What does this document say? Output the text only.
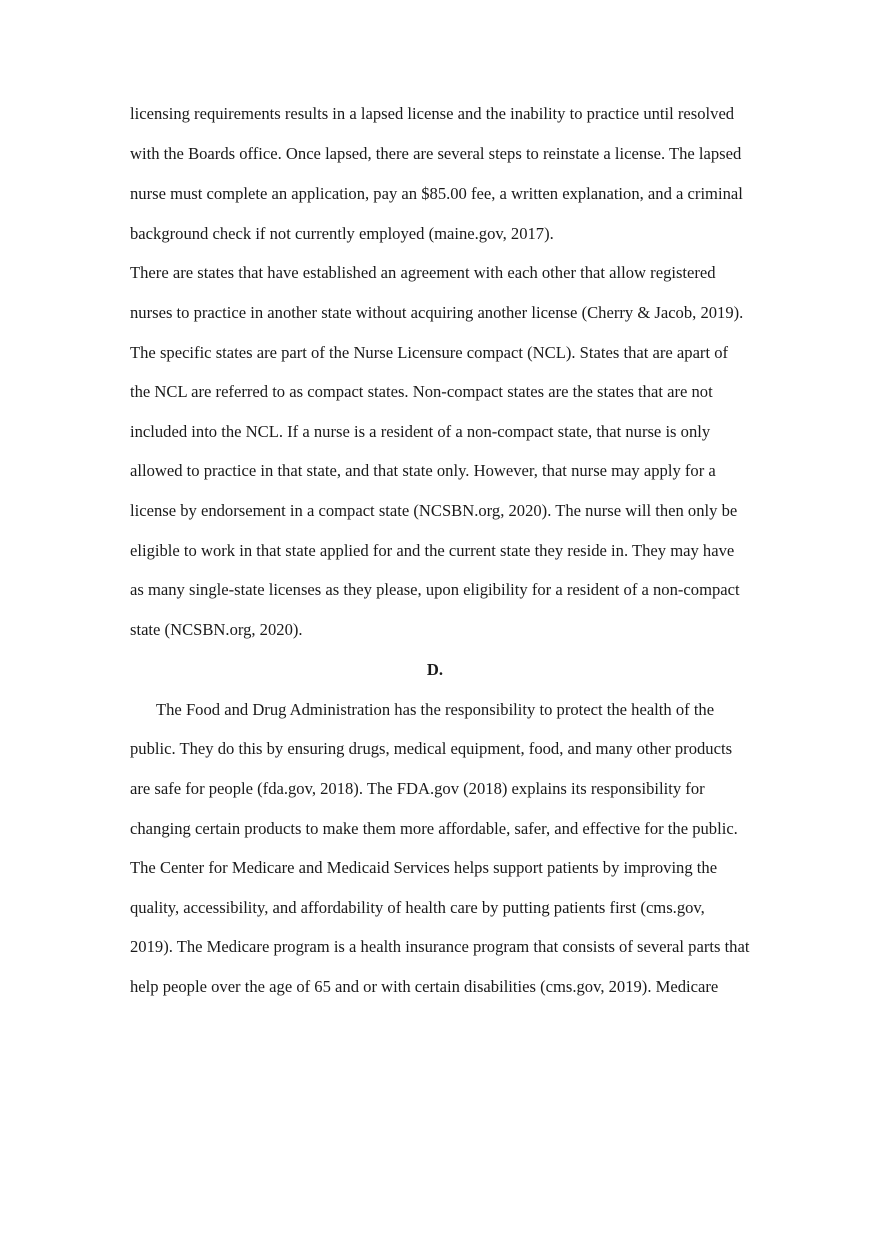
licensing requirements results in a lapsed license and the inability to practice until resolved
with the Boards office. Once lapsed, there are several steps to reinstate a license. The lapsed
nurse must complete an application, pay an $85.00 fee, a written explanation, and a criminal
background check if not currently employed (maine.gov, 2017).
There are states that have established an agreement with each other that allow registered
nurses to practice in another state without acquiring another license (Cherry & Jacob, 2019).
The specific states are part of the Nurse Licensure compact (NCL). States that are apart of
the NCL are referred to as compact states. Non-compact states are the states that are not
included into the NCL. If a nurse is a resident of a non-compact state, that nurse is only
allowed to practice in that state, and that state only. However, that nurse may apply for a
license by endorsement in a compact state (NCSBN.org, 2020). The nurse will then only be
eligible to work in that state applied for and the current state they reside in. They may have
as many single-state licenses as they please, upon eligibility for a resident of a non-compact
state (NCSBN.org, 2020).
D.
The Food and Drug Administration has the responsibility to protect the health of the
public. They do this by ensuring drugs, medical equipment, food, and many other products
are safe for people (fda.gov, 2018). The FDA.gov (2018) explains its responsibility for
changing certain products to make them more affordable, safer, and effective for the public.
The Center for Medicare and Medicaid Services helps support patients by improving the
quality, accessibility, and affordability of health care by putting patients first (cms.gov,
2019). The Medicare program is a health insurance program that consists of several parts that
help people over the age of 65 and or with certain disabilities (cms.gov, 2019). Medicare
